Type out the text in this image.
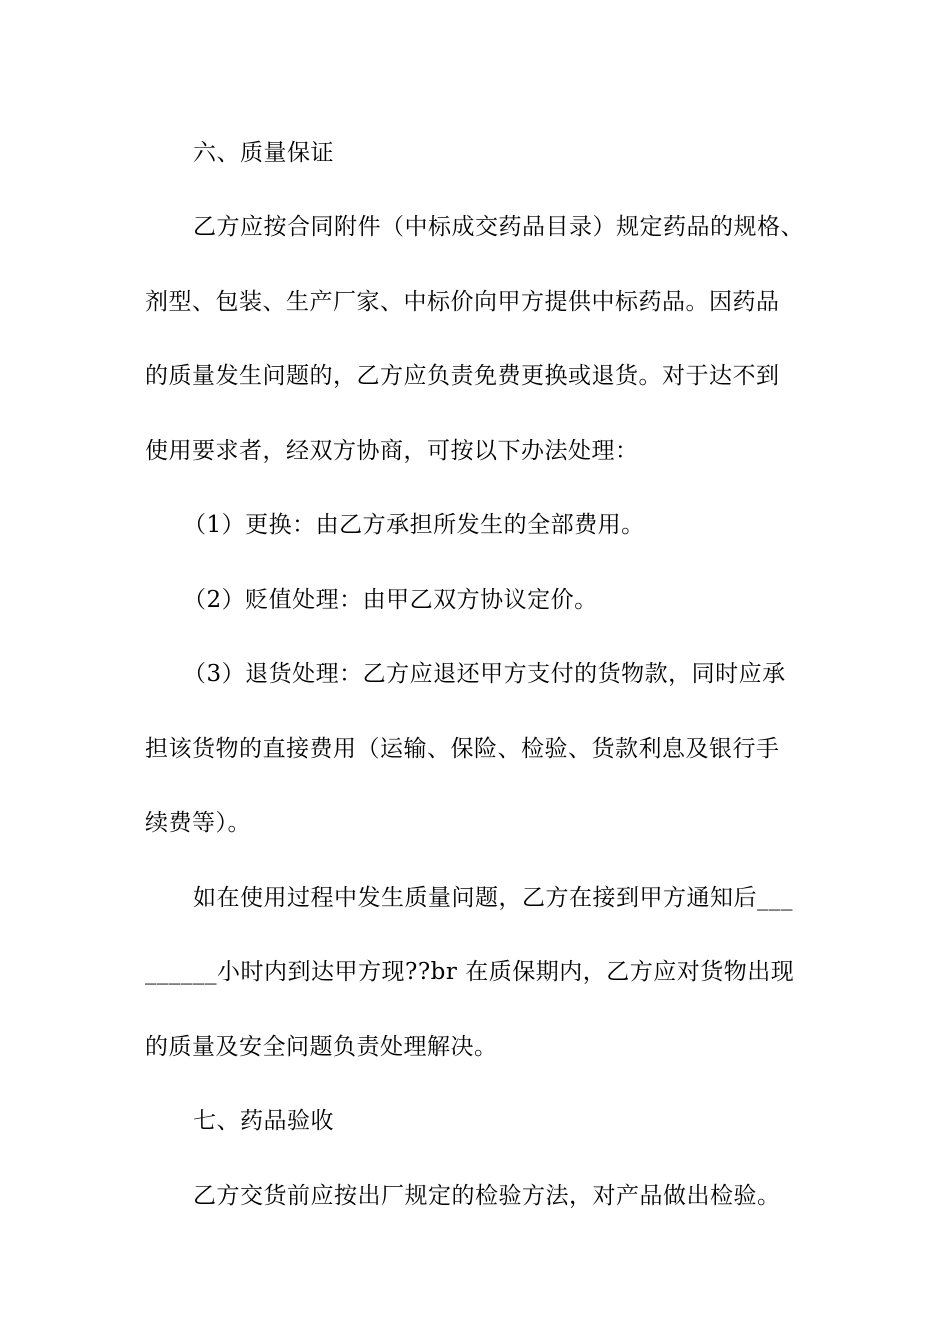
六、质量保证
乙方应按合同附件（中标成交药品目录）规定药品的规格、
剂型、包装、生产厂家、中标价向甲方提供中标药品。因药品
的质量发生问题的，乙方应负责免费更换或退货。对于达不到
使用要求者，经双方协商，可按以下办法处理：
（1）更换：由乙方承担所发生的全部费用。
（2）贬值处理：由甲乙双方协议定价。
（3）退货处理：乙方应退还甲方支付的货物款，同时应承
担该货物的直接费用（运输、保险、检验、货款利息及银行手
续费等）。
如在使用过程中发生质量问题，乙方在接到甲方通知后___
______小时内到达甲方现??br 在质保期内，乙方应对货物出现
的质量及安全问题负责处理解决。
七、药品验收
乙方交货前应按出厂规定的检验方法，对产品做出检验。
